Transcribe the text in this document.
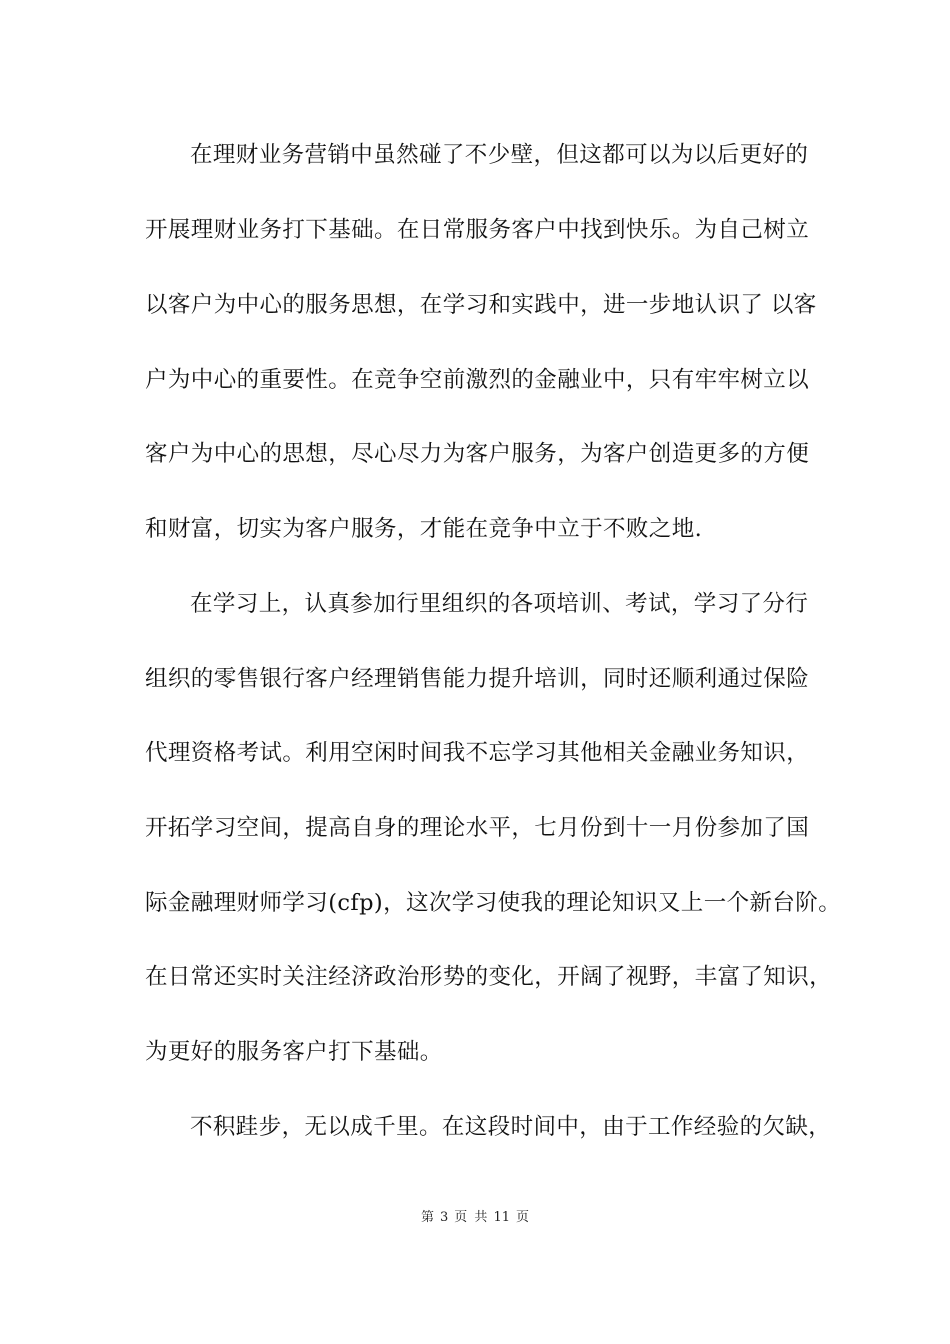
在理财业务营销中虽然碰了不少壁，但这都可以为以后更好的
开展理财业务打下基础。在日常服务客户中找到快乐。为自己树立
以客户为中心的服务思想，在学习和实践中，进一步地认识了 以客
户为中心的重要性。在竞争空前激烈的金融业中，只有牢牢树立以
客户为中心的思想，尽心尽力为客户服务，为客户创造更多的方便
和财富，切实为客户服务，才能在竞争中立于不败之地.
在学习上，认真参加行里组织的各项培训、考试，学习了分行
组织的零售银行客户经理销售能力提升培训，同时还顺利通过保险
代理资格考试。利用空闲时间我不忘学习其他相关金融业务知识，
开拓学习空间，提高自身的理论水平，七月份到十一月份参加了国
际金融理财师学习(cfp)，这次学习使我的理论知识又上一个新台阶。
在日常还实时关注经济政治形势的变化，开阔了视野，丰富了知识，
为更好的服务客户打下基础。
不积跬步，无以成千里。在这段时间中，由于工作经验的欠缺，
第 3 页 共 11 页
